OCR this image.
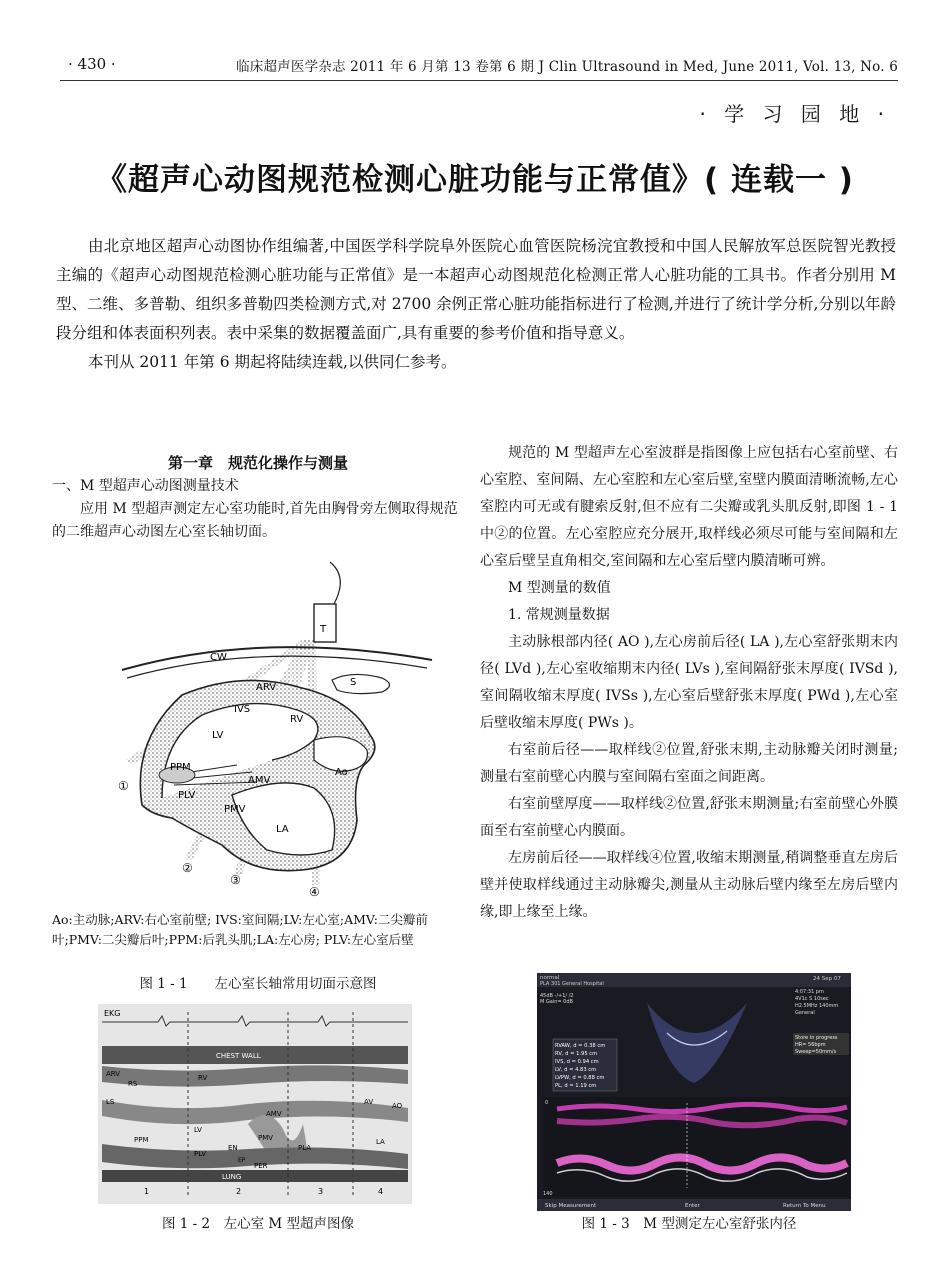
· 430 ·	临床超声医学杂志 2011 年 6 月第 13 卷第 6 期 J Clin Ultrasound in Med, June 2011, Vol. 13, No. 6
· 学 习 园 地 ·
《超声心动图规范检测心脏功能与正常值》( 连载一 )

由北京地区超声心动图协作组编著,中国医学科学院阜外医院心血管医院杨浣宜教授和中国人民解放军总医院智光教授主编的《超声心动图规范检测心脏功能与正常值》是一本超声心动图规范化检测正常人心脏功能的工具书。作者分别用 M 型、二维、多普勒、组织多普勒四类检测方式,对 2700 余例正常心脏功能指标进行了检测,并进行了统计学分析,分别以年龄段分组和体表面积列表。表中采集的数据覆盖面广,具有重要的参考价值和指导意义。

本刊从 2011 年第 6 期起将陆续连载,以供同仁参考。

第一章　规范化操作与测量

一、M 型超声心动图测量技术

应用 M 型超声测定左心室功能时,首先由胸骨旁左侧取得规范的二维超声心动图左心室长轴切面。

规范的 M 型超声左心室波群是指图像上应包括右心室前壁、右心室腔、室间隔、左心室腔和左心室后壁,室壁内膜面清晰流畅,左心室腔内可无或有腱索反射,但不应有二尖瓣或乳头肌反射,即图 1 - 1 中②的位置。左心室腔应充分展开,取样线必须尽可能与室间隔和左心室后壁呈直角相交,室间隔和左心室后壁内膜清晰可辨。

M 型测量的数值

1. 常规测量数据

主动脉根部内径( AO ),左心房前后径( LA ),左心室舒张期末内径( LVd ),左心室收缩期末内径( LVs ),室间隔舒张末厚度( IVSd ),室间隔收缩末厚度( IVSs ),左心室后壁舒张末厚度( PWd ),左心室后壁收缩末厚度( PWs )。

右室前后径——取样线②位置,舒张末期,主动脉瓣关闭时测量;测量右室前壁心内膜与室间隔右室面之间距离。

右室前壁厚度——取样线②位置,舒张末期测量;右室前壁心外膜面至右室前壁心内膜面。

左房前后径——取样线④位置,收缩末期测量,稍调整垂直左房后壁并使取样线通过主动脉瓣尖,测量从主动脉后壁内缘至左房后壁内缘,即上缘至上缘。

T
CW
ARV	S
IVS
RV
LV
PPM
AMV
Ao
PLV
PMV
LA
①
②
③
④
Ao:主动脉;ARV:右心室前壁; IVS:室间隔;LV:左心室;AMV:二尖瓣前叶;PMV:二尖瓣后叶;PPM:后乳头肌;LA:左心房; PLV:左心室后壁
图 1 - 1　　左心室长轴常用切面示意图
EKG
CHEST WALL
ARV
RS
RV
LS
LV
AMV
AV	AO
PPM	PMV
EN	PLA
LA
PLV
EP
PER
LUNG
1	2	3	4
图 1 - 2　左心室 M 型超声图像
normal
PLA 301 General Hospital
24 Sep 07
45dB -/+1/ /2
M Gain= 0dB
4:07:31 pm
4V1c S 10sec
H2.5MHz 140mm
General
Store in progress
HR= 56bpm
Sweep=50mm/s
RVAW, d = 0.38 cm
RV, d = 1.95 cm
IVS, d = 0.94 cm
LV, d = 4.83 cm
LVPW, d = 0.88 cm
PL, d = 1.19 cm
0
140
Skip Measurement	Enter	Return To Menu
图 1 - 3　M 型测定左心室舒张内径
